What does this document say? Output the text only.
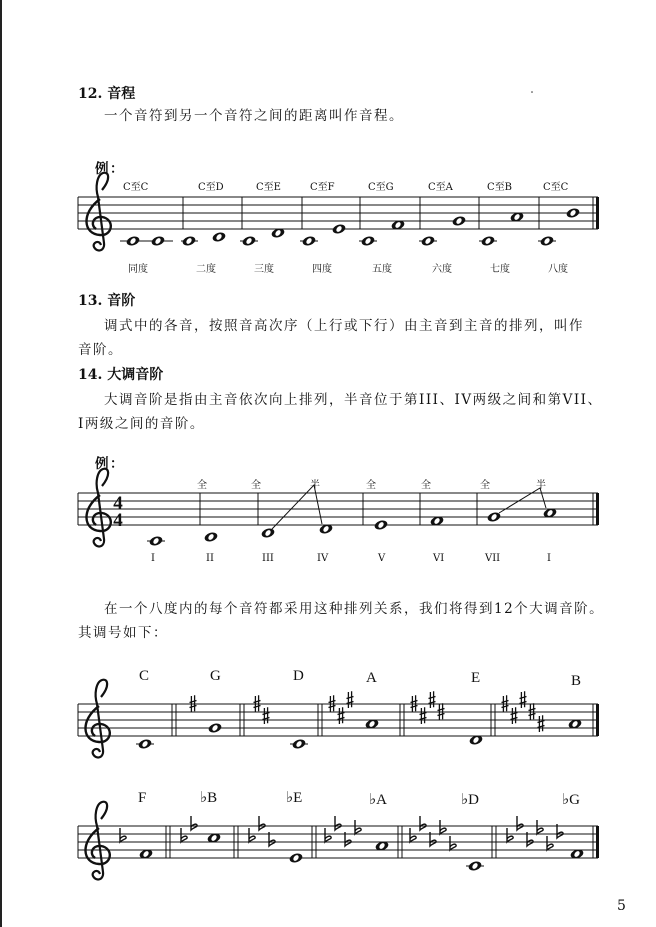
12. 音程
一个音符到另一个音符之间的距离叫作音程。
例：
C至C	C至D	C至E	C至F	C至G	C至A	C至B	C至C
同度	二度	三度	四度	五度	六度	七度	八度
13. 音阶
调式中的各音，按照音高次序（上行或下行）由主音到主音的排列，叫作
音阶。
14. 大调音阶
大调音阶是指由主音依次向上排列，半音位于第III、IV两级之间和第VII、
I两级之间的音阶。
例：
全	全	半	全	全	全	半
I	II	III	IV	V	VI	VII	I
在一个八度内的每个音符都采用这种排列关系，我们将得到12个大调音阶。
其调号如下：
C	G	D	A	E	B
F	♭B	♭E	♭A	♭D	♭G
5
4
4
